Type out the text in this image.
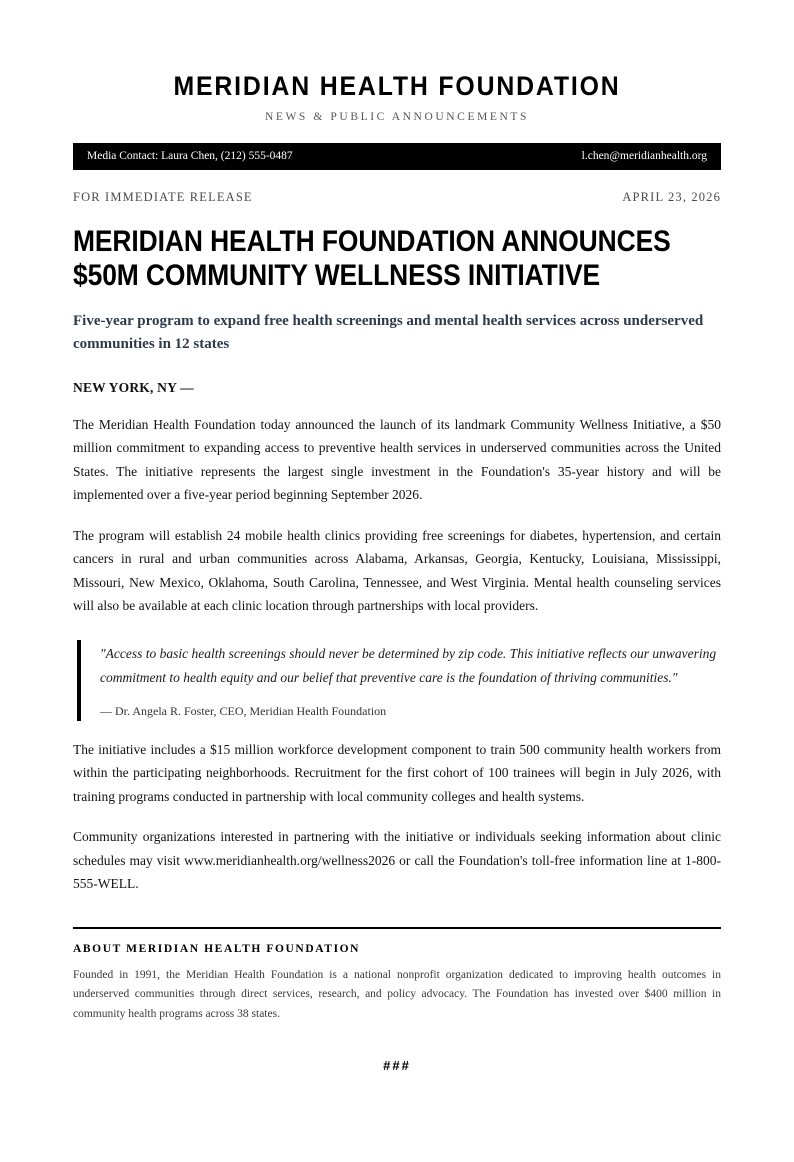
MERIDIAN HEALTH FOUNDATION
NEWS & PUBLIC ANNOUNCEMENTS
Media Contact: Laura Chen, (212) 555-0487	l.chen@meridianhealth.org
FOR IMMEDIATE RELEASE	APRIL 23, 2026
MERIDIAN HEALTH FOUNDATION ANNOUNCES $50M COMMUNITY WELLNESS INITIATIVE
Five-year program to expand free health screenings and mental health services across underserved communities in 12 states

NEW YORK, NY —

The Meridian Health Foundation today announced the launch of its landmark Community Wellness Initiative, a $50 million commitment to expanding access to preventive health services in underserved communities across the United States. The initiative represents the largest single investment in the Foundation's 35-year history and will be implemented over a five-year period beginning September 2026.

The program will establish 24 mobile health clinics providing free screenings for diabetes, hypertension, and certain cancers in rural and urban communities across Alabama, Arkansas, Georgia, Kentucky, Louisiana, Mississippi, Missouri, New Mexico, Oklahoma, South Carolina, Tennessee, and West Virginia. Mental health counseling services will also be available at each clinic location through partnerships with local providers.

"Access to basic health screenings should never be determined by zip code. This initiative reflects our unwavering commitment to health equity and our belief that preventive care is the foundation of thriving communities."

— Dr. Angela R. Foster, CEO, Meridian Health Foundation

The initiative includes a $15 million workforce development component to train 500 community health workers from within the participating neighborhoods. Recruitment for the first cohort of 100 trainees will begin in July 2026, with training programs conducted in partnership with local community colleges and health systems.

Community organizations interested in partnering with the initiative or individuals seeking information about clinic schedules may visit www.meridianhealth.org/wellness2026 or call the Foundation's toll-free information line at 1-800-555-WELL.

ABOUT MERIDIAN HEALTH FOUNDATION

Founded in 1991, the Meridian Health Foundation is a national nonprofit organization dedicated to improving health outcomes in underserved communities through direct services, research, and policy advocacy. The Foundation has invested over $400 million in community health programs across 38 states.

###
